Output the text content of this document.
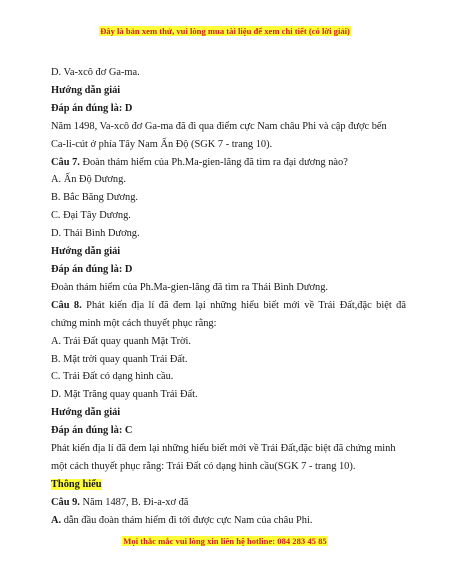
Đây là bản xem thử, vui lòng mua tài liệu để xem chi tiết (có lời giải)
D. Va-xcô đơ Ga-ma.
Hướng dẫn giải
Đáp án đúng là: D
Năm 1498, Va-xcô đơ Ga-ma đã đi qua điểm cực Nam châu Phi và cập được bến
Ca-li-cút ở phía Tây Nam Ấn Độ (SGK 7 - trang 10).
Câu 7. Đoàn thám hiểm của Ph.Ma-gien-lăng đã tìm ra đại dương nào?
A. Ấn Độ Dương.
B. Bắc Băng Dương.
C. Đại Tây Dương.
D. Thái Bình Dương.
Hướng dẫn giải
Đáp án đúng là: D
Đoàn thám hiểm của Ph.Ma-gien-lăng đã tìm ra Thái Bình Dương.
Câu 8. Phát kiến địa lí đã đem lại những hiểu biết mới về Trái Đất,đặc biệt đã
chứng minh một cách thuyết phục rằng:
A. Trái Đất quay quanh Mặt Trời.
B. Mặt trời quay quanh Trái Đất.
C. Trái Đất có dạng hình cầu.
D. Mặt Trăng quay quanh Trái Đất.
Hướng dẫn giải
Đáp án đúng là: C
Phát kiến địa lí đã đem lại những hiểu biết mới về Trái Đất,đặc biệt đã chứng minh
một cách thuyết phục rằng: Trái Đất có dạng hình cầu(SGK 7 - trang 10).
Thông hiểu
Câu 9. Năm 1487, B. Đi-a-xơ đã
A. dẫn đầu đoàn thám hiểm đi tới được cực Nam của châu Phi.
Mọi thắc mắc vui lòng xin liên hệ hotline: 084 283 45 85
